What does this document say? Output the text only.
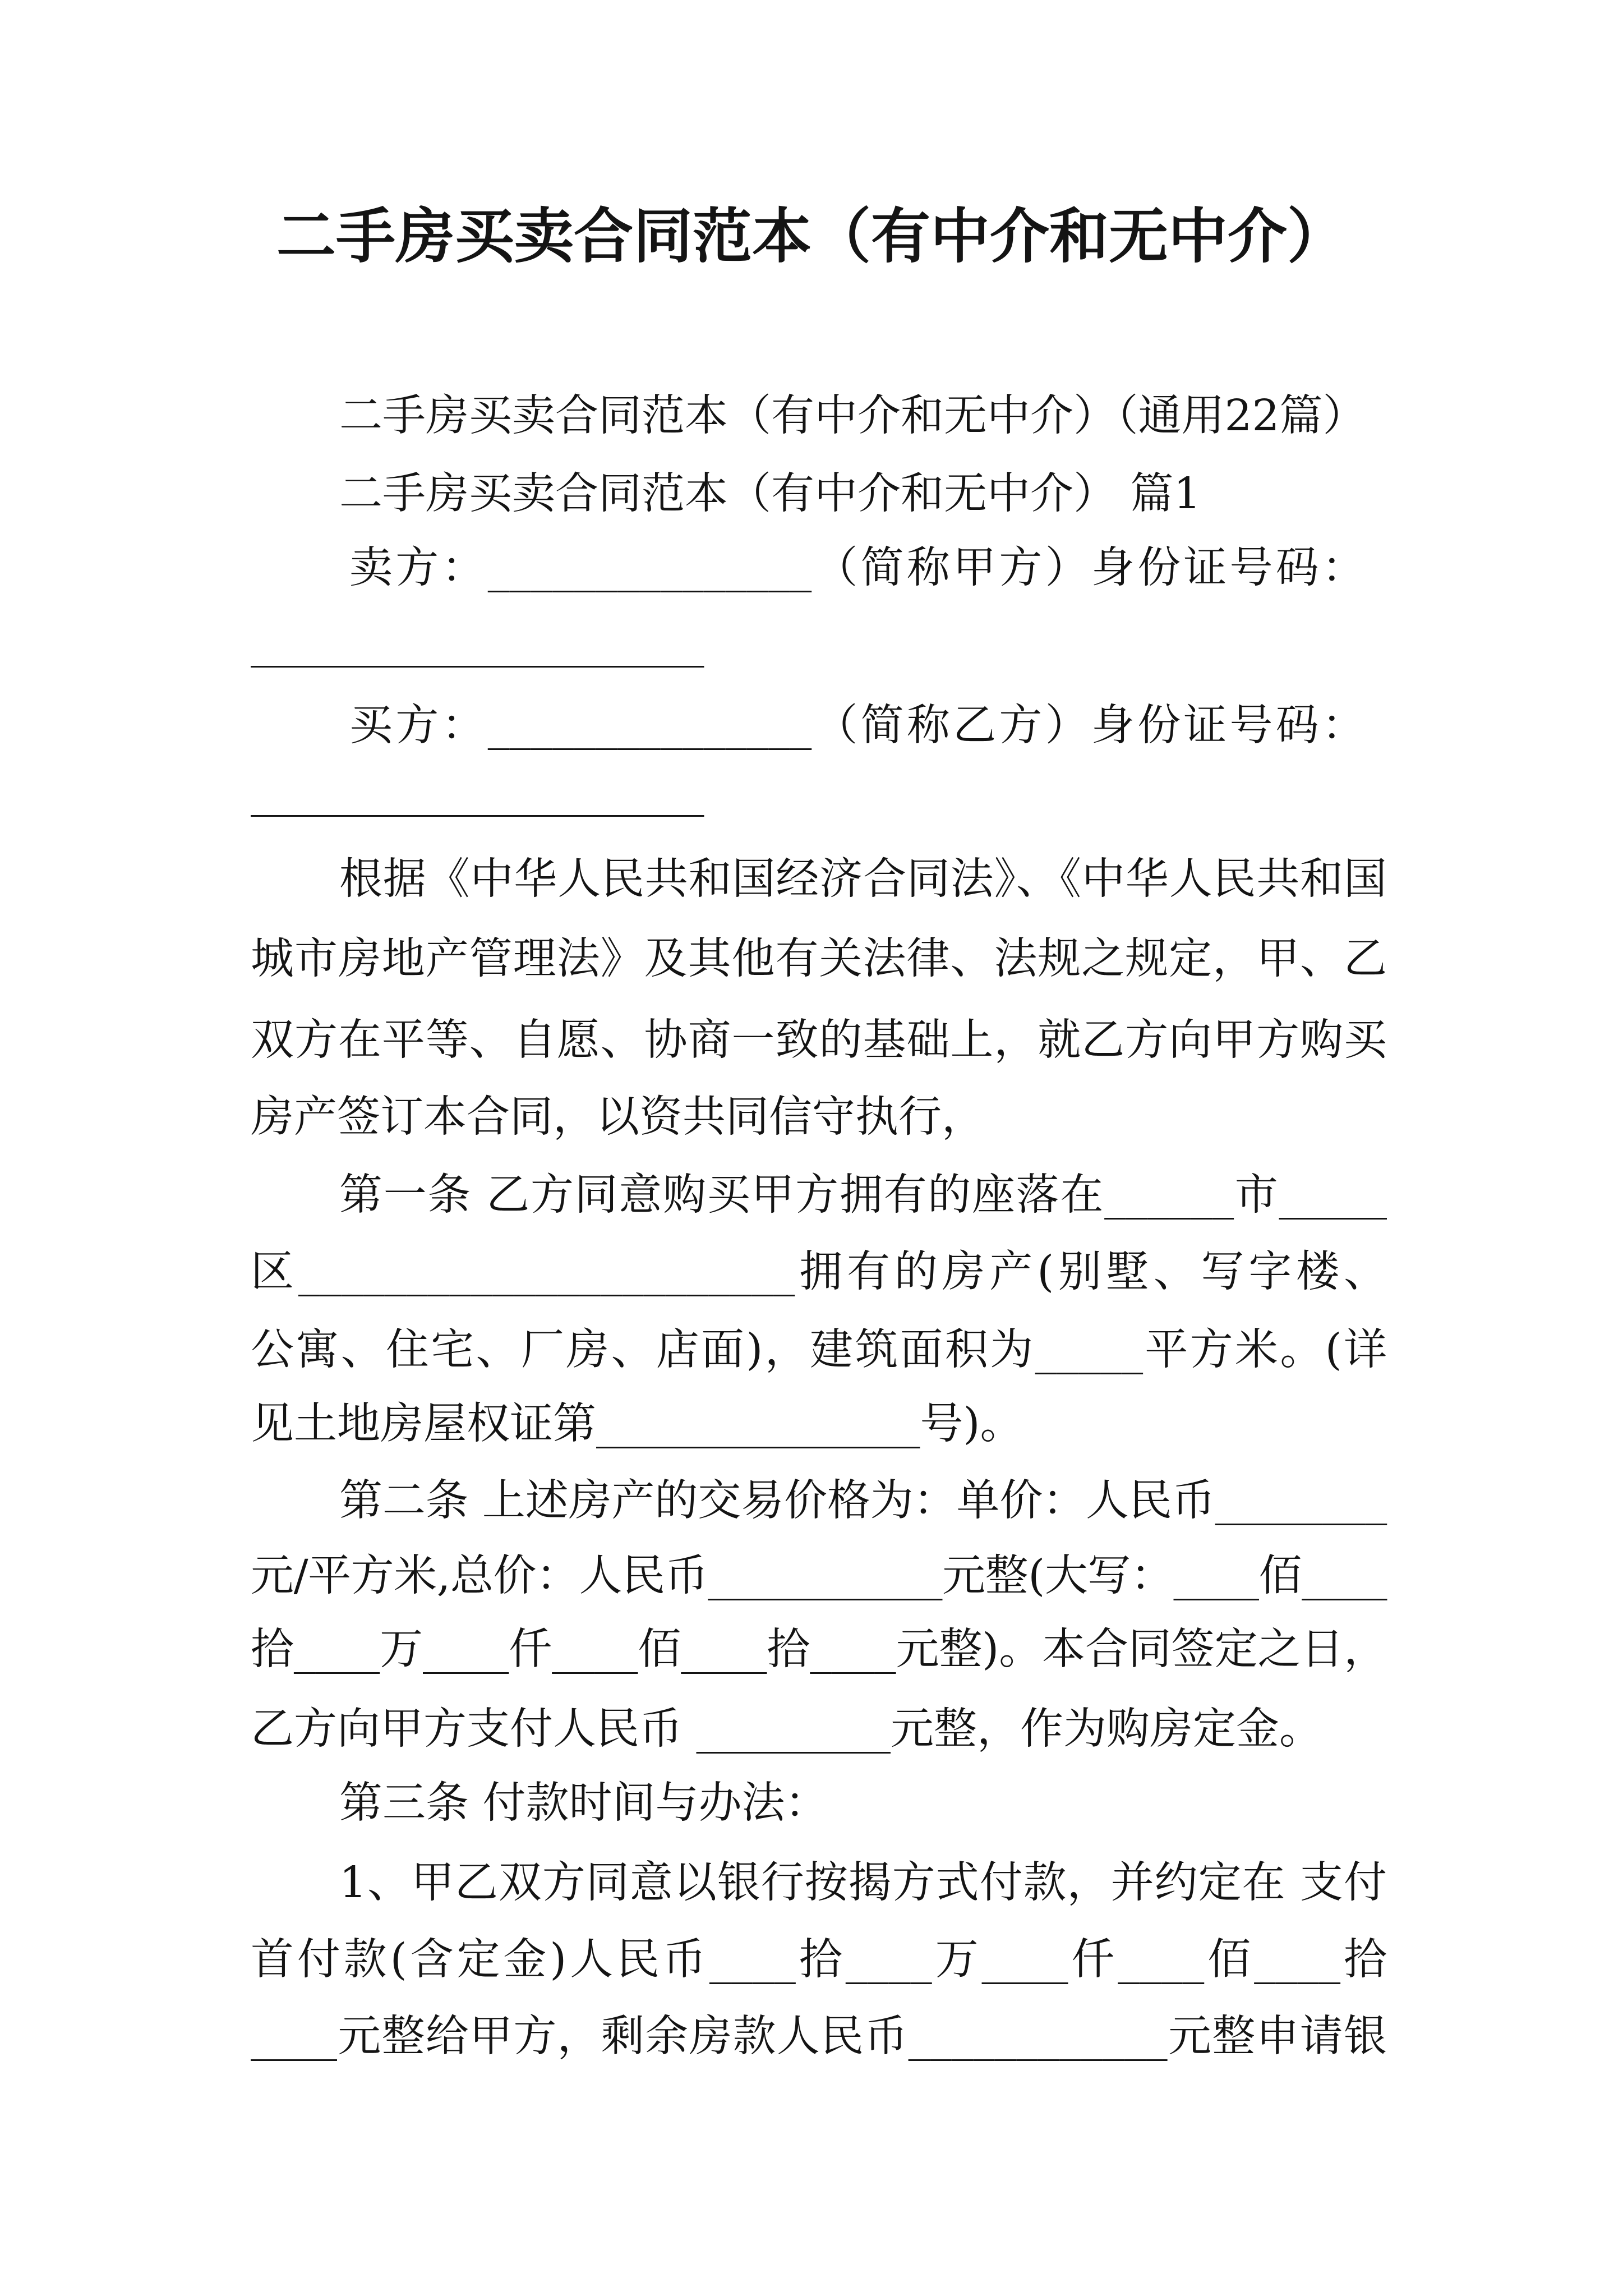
二手房买卖合同范本（有中介和无中介）
二手房买卖合同范本（有中介和无中介）（通用22篇）
二手房买卖合同范本（有中介和无中介） 篇1
卖方：_______________（简称甲方）身份证号码：
_____________________
买方：_______________（简称乙方）身份证号码：
_____________________
根据《中华人民共和国经济合同法》、《中华人民共和国
城市房地产管理法》及其他有关法律、法规之规定，甲、乙
双方在平等、自愿、协商一致的基础上，就乙方向甲方购买
房产签订本合同，以资共同信守执行，
第一条 乙方同意购买甲方拥有的座落在______市_____
区_______________________拥有的房产(别墅、写字楼、
公寓、住宅、厂房、店面)，建筑面积为_____平方米。(详
见土地房屋权证第_______________号)。
第二条 上述房产的交易价格为：单价：人民币________
元/平方米,总价：人民币___________元整(大写：____佰____
拾____万____仟____佰____拾____元整)。本合同签定之日，
乙方向甲方支付人民币 _________元整，作为购房定金。
第三条 付款时间与办法：
1、甲乙双方同意以银行按揭方式付款，并约定在 支付
首付款(含定金)人民币____拾____万____仟____佰____拾
____元整给甲方，剩余房款人民币____________元整申请银
